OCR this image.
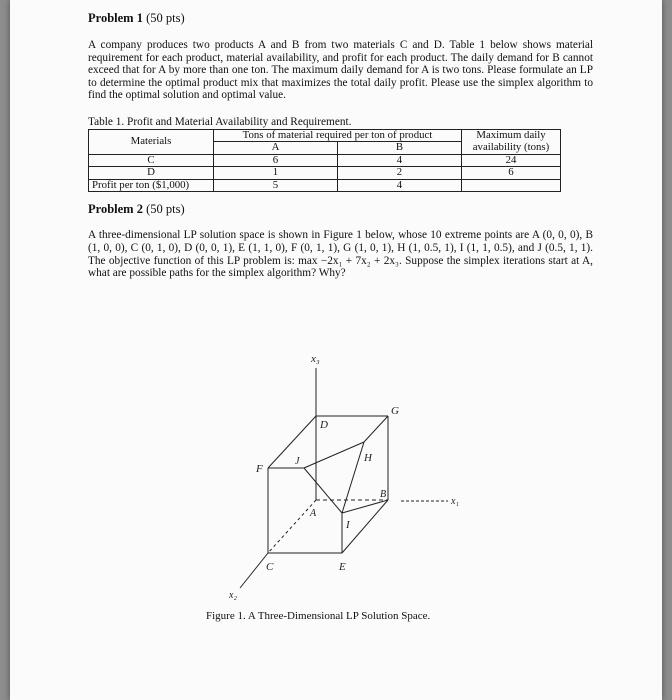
Problem 1 (50 pts)

A company produces two products A and B from two materials C and D. Table 1 below shows material requirement for each product, material availability, and profit for each product. The daily demand for B cannot exceed that for A by more than one ton. The maximum daily demand for A is two tons. Please formulate an LP to determine the optimal product mix that maximizes the total daily profit. Please use the simplex algorithm to find the optimal solution and optimal value.

Table 1. Profit and Material Availability and Requirement.
Materials	Tons of material required per ton of product		Maximum daily availability (tons)
	A	B	
C	6	4	24
D	1	2	6
Profit per ton ($1,000)	5	4	
Problem 2 (50 pts)

A three-dimensional LP solution space is shown in Figure 1 below, whose 10 extreme points are A (0, 0, 0), B (1, 0, 0), C (0, 1, 0), D (0, 0, 1), E (1, 1, 0), F (0, 1, 1), G (1, 0, 1), H (1, 0.5, 1), I (1, 1, 0.5), and J (0.5, 1, 1). The objective function of this LP problem is: max −2x₁ + 7x₂ + 2x₃. Suppose the simplex iterations start at A, what are possible paths for the simplex algorithm? Why?

x₃
x₁
x₂
D
G
F
J	H
B
A
I
C	E
Figure 1. A Three-Dimensional LP Solution Space.
